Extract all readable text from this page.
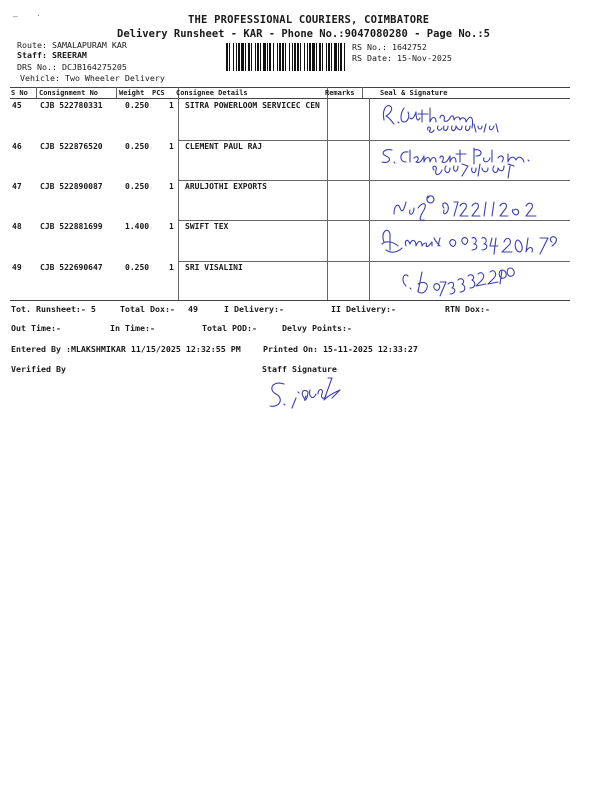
— ·	THE PROFESSIONAL COURIERS, COIMBATORE
Delivery Runsheet - KAR - Phone No.:9047080280 - Page No.:5
Route: SAMALAPURAM KAR
Staff: SREERAM
DRS No.: DCJB164275205
Vehicle: Two Wheeler Delivery
RS No.: 1642752
RS Date: 15-Nov-2025
S No Consignment No	Weight PCS Consignee Details	Remarks	Seal & Signature
45 CJB 522780331	0.250 1 SITRA POWERLOOM SERVICEC CEN
46 CJB 522876520	0.250 1 CLEMENT PAUL RAJ
47 CJB 522890087	0.250 1 ARULJOTHI EXPORTS
48 CJB 522881699	1.400 1 SWIFT TEX
49 CJB 522690647	0.250 1 SRI VISALINI
Tot. Runsheet:- 5	Total Dox:- 49	I Delivery:-	II Delivery:-	RTN Dox:-
Out Time:-	In Time:-	Total POD:-	Delvy Points:-
Entered By :MLAKSHMIKAR 11/15/2025 12:32:55 PM	Printed On: 15-11-2025 12:33:27
Verified By	Staff Signature
